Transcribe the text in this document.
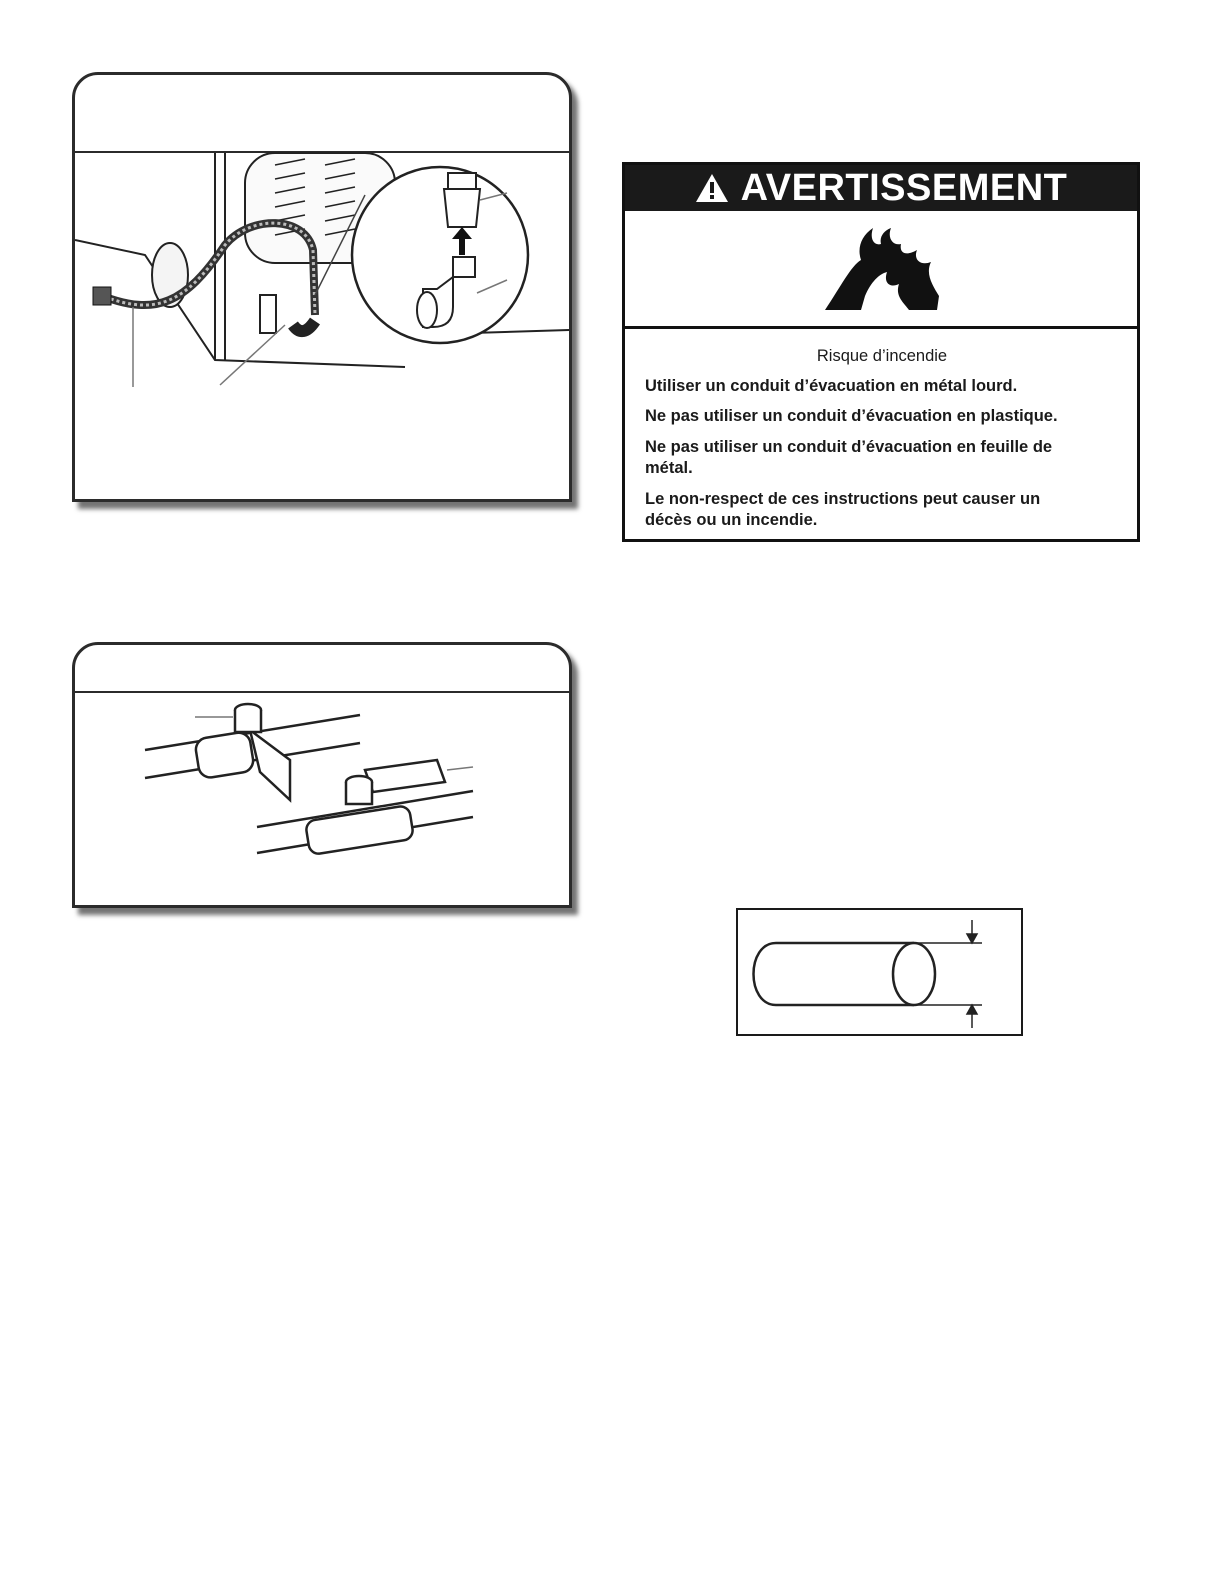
AVERTISSEMENT
Risque d’incendie

Utiliser un conduit d’évacuation en métal lourd.

Ne pas utiliser un conduit d’évacuation en plastique.

Ne pas utiliser un conduit d’évacuation en feuille de métal.

Le non-respect de ces instructions peut causer un décès ou un incendie.
